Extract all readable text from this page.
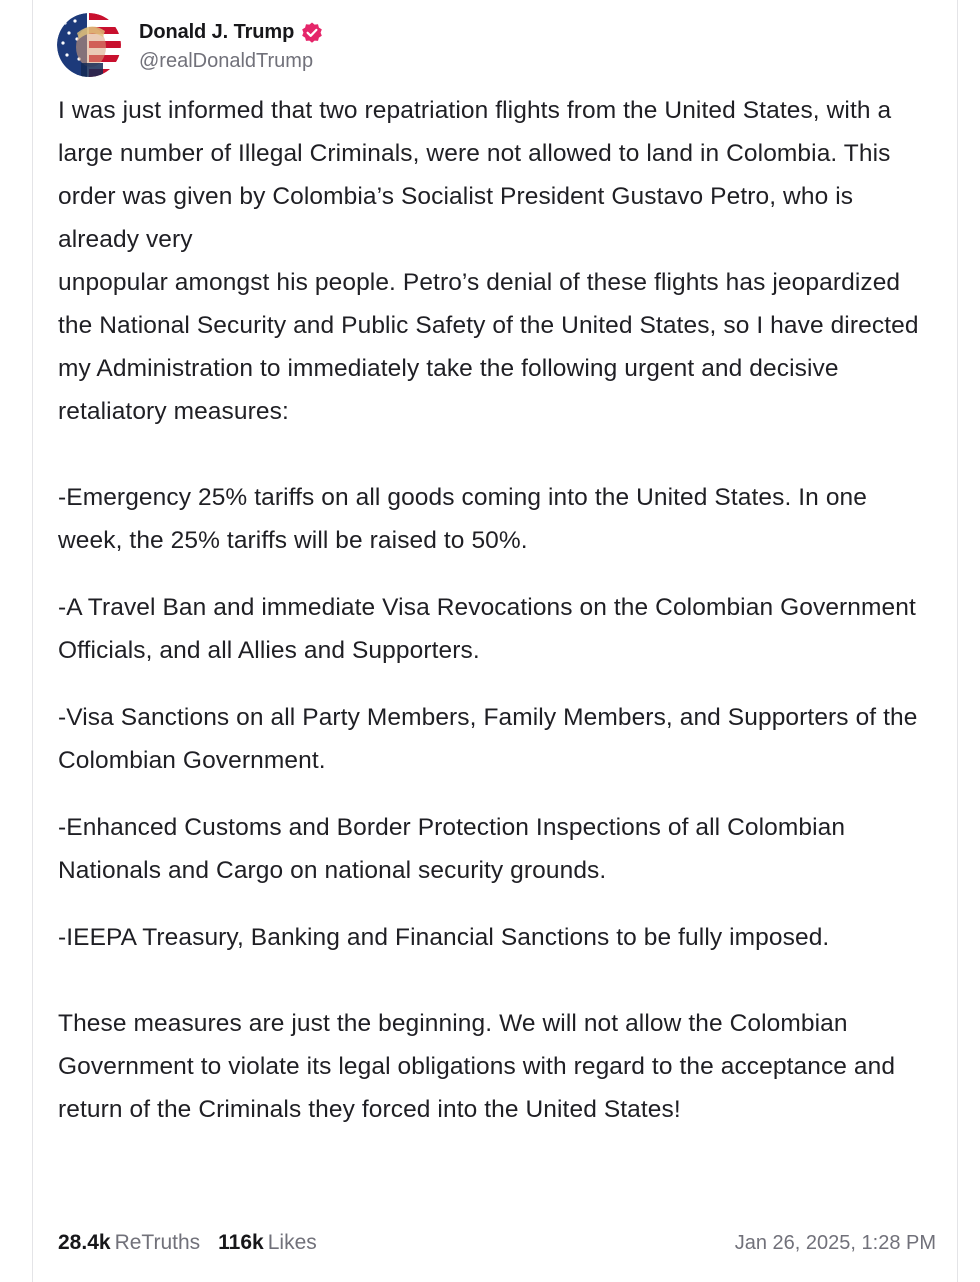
Donald J. Trump
@realDonaldTrump

I was just informed that two repatriation flights from the United States, with a large number of Illegal Criminals, were not allowed to land in Colombia. This order was given by Colombia’s Socialist President Gustavo Petro, who is already very

unpopular amongst his people. Petro’s denial of these flights has jeopardized the National Security and Public Safety of the United States, so I have directed my Administration to immediately take the following urgent and decisive retaliatory measures:

-Emergency 25% tariffs on all goods coming into the United States. In one week, the 25% tariffs will be raised to 50%.

-A Travel Ban and immediate Visa Revocations on the Colombian Government Officials, and all Allies and Supporters.

-Visa Sanctions on all Party Members, Family Members, and Supporters of the Colombian Government.

-Enhanced Customs and Border Protection Inspections of all Colombian Nationals and Cargo on national security grounds.

-IEEPA Treasury, Banking and Financial Sanctions to be fully imposed.

These measures are just the beginning. We will not allow the Colombian Government to violate its legal obligations with regard to the acceptance and return of the Criminals they forced into the United States!

28.4k ReTruths 116k Likes	Jan 26, 2025, 1:28 PM
